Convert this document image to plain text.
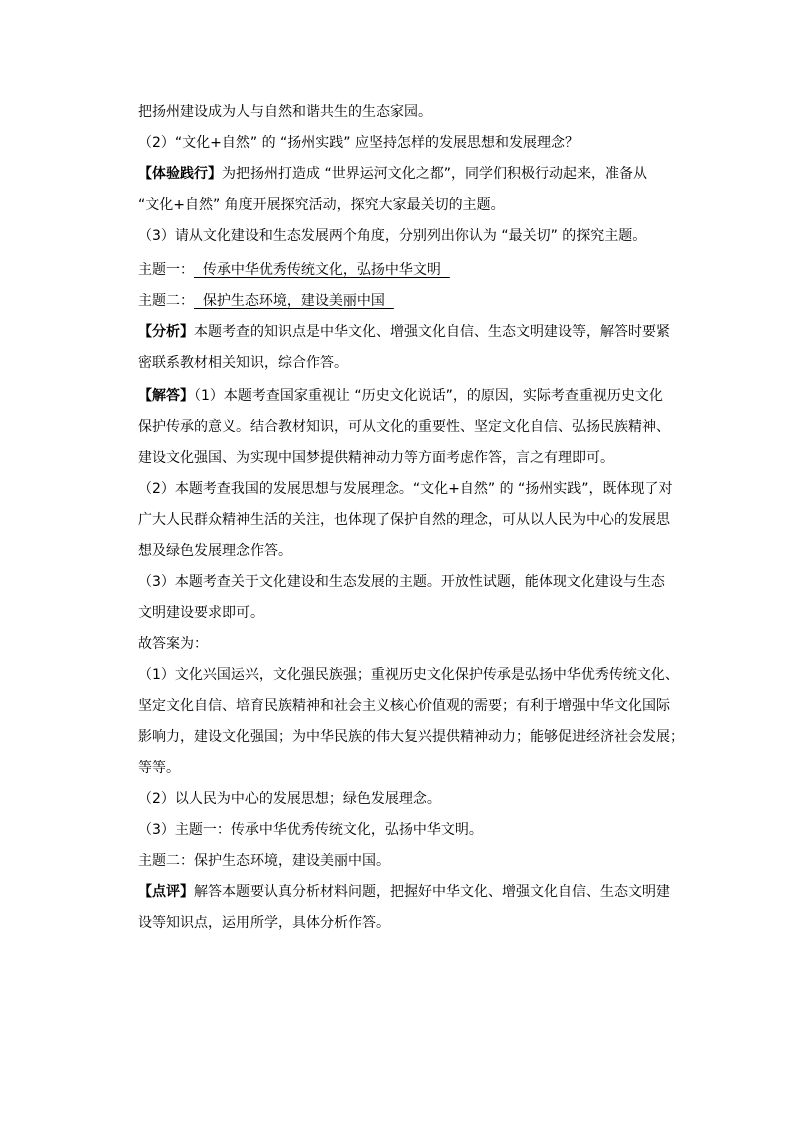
把扬州建设成为人与自然和谐共生的生态家园。
（2）“文化+自然” 的 “扬州实践” 应坚持怎样的发展思想和发展理念？
【体验践行】为把扬州打造成 “世界运河文化之都”，同学们积极行动起来，准备从
“文化+自然” 角度开展探究活动，探究大家最关切的主题。
（3）请从文化建设和生态发展两个角度，分别列出你认为 “最关切” 的探究主题。
主题一：  传承中华优秀传统文化，弘扬中华文明
主题二：  保护生态环境，建设美丽中国
【分析】本题考查的知识点是中华文化、增强文化自信、生态文明建设等，解答时要紧
密联系教材相关知识，综合作答。
【解答】（1）本题考查国家重视让 “历史文化说话”，的原因，实际考查重视历史文化
保护传承的意义。结合教材知识，可从文化的重要性、坚定文化自信、弘扬民族精神、
建设文化强国、为实现中国梦提供精神动力等方面考虑作答，言之有理即可。
（2）本题考查我国的发展思想与发展理念。“文化+自然” 的 “扬州实践”，既体现了对
广大人民群众精神生活的关注，也体现了保护自然的理念，可从以人民为中心的发展思
想及绿色发展理念作答。
（3）本题考查关于文化建设和生态发展的主题。开放性试题，能体现文化建设与生态
文明建设要求即可。
故答案为：
（1）文化兴国运兴，文化强民族强；重视历史文化保护传承是弘扬中华优秀传统文化、
坚定文化自信、培育民族精神和社会主义核心价值观的需要；有利于增强中华文化国际
影响力，建设文化强国；为中华民族的伟大复兴提供精神动力；能够促进经济社会发展；
等等。
（2）以人民为中心的发展思想；绿色发展理念。
（3）主题一：传承中华优秀传统文化，弘扬中华文明。
主题二：保护生态环境，建设美丽中国。
【点评】解答本题要认真分析材料问题，把握好中华文化、增强文化自信、生态文明建
设等知识点，运用所学，具体分析作答。
